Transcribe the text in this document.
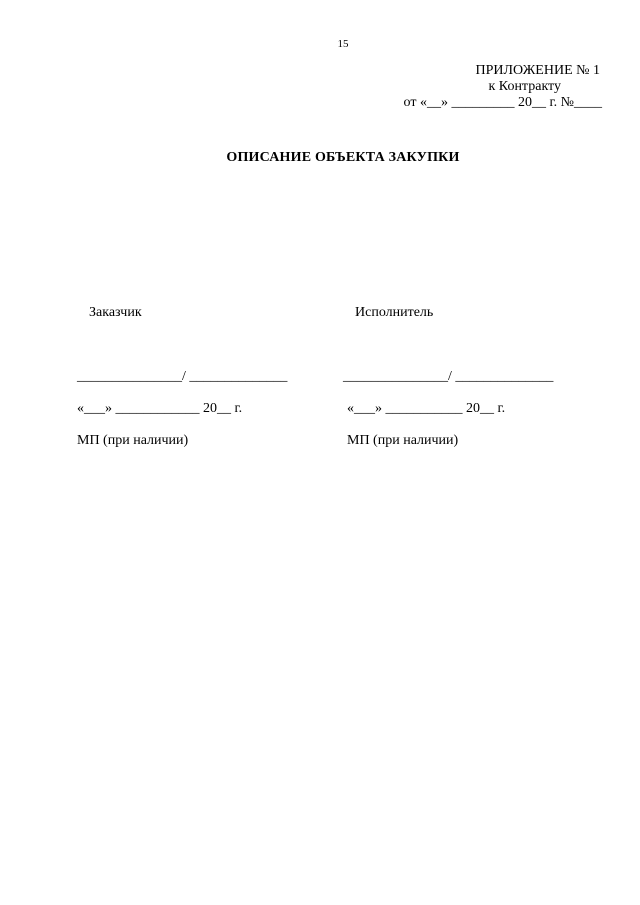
15
ПРИЛОЖЕНИЕ № 1
к Контракту
от «__» _________ 20__ г. №____
ОПИСАНИЕ ОБЪЕКТА ЗАКУПКИ
Заказчик
_______________/ ______________
«___» ____________ 20__ г.
МП (при наличии)
Исполнитель
_______________/ ______________
«___» ___________ 20__ г.
МП (при наличии)
